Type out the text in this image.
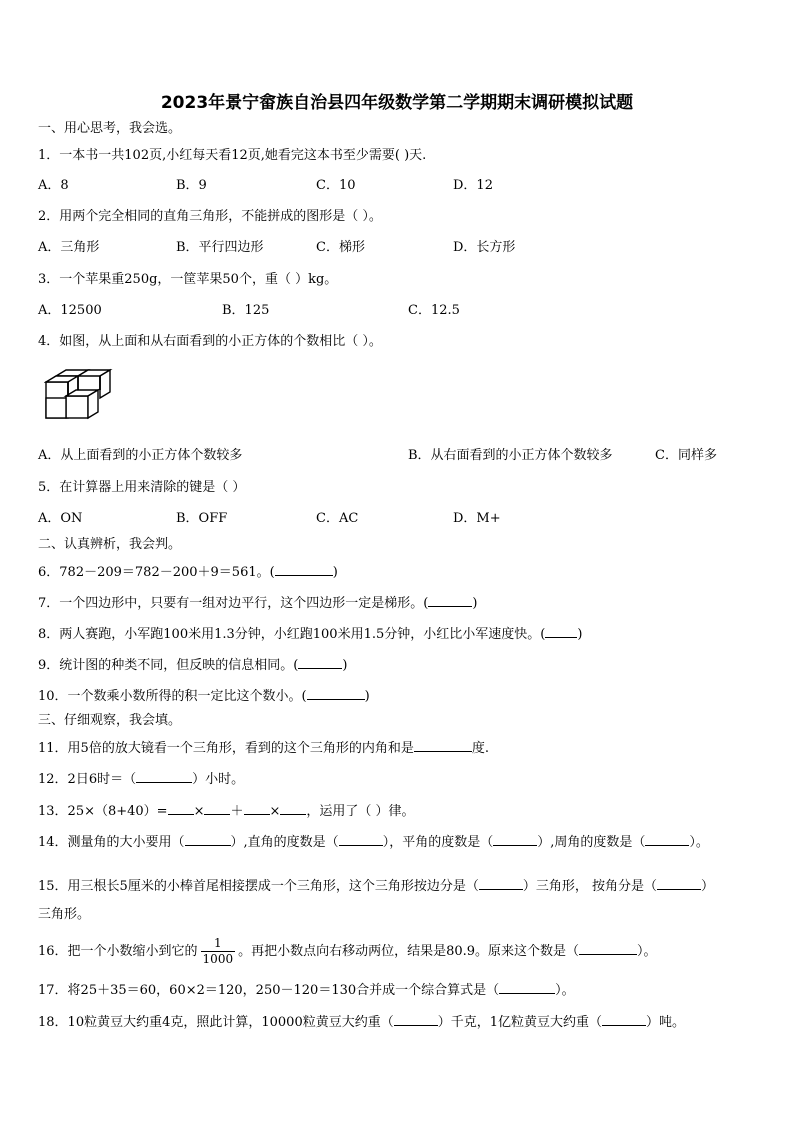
2023年景宁畲族自治县四年级数学第二学期期末调研模拟试题
一、用心思考，我会选。
1．一本书一共102页,小红每天看12页,她看完这本书至少需要( )天.
A．8	B．9	C．10	D．12
2．用两个完全相同的直角三角形，不能拼成的图形是（ ）。
A．三角形	B．平行四边形	C．梯形	D．长方形
3．一个苹果重250g，一筐苹果50个，重（ ）kg。
A．12500	B．125	C．12.5
4．如图，从上面和从右面看到的小正方体的个数相比（ ）。
A．从上面看到的小正方体个数较多	B．从右面看到的小正方体个数较多	C．同样多
5．在计算器上用来清除的键是（ ）
A．ON	B．OFF	C．AC	D．M+
二、认真辨析，我会判。
6．782－209＝782－200＋9＝561。(	)
7．一个四边形中，只要有一组对边平行，这个四边形一定是梯形。(	)
8．两人赛跑，小军跑100米用1.3分钟，小红跑100米用1.5分钟，小红比小军速度快。( )
9．统计图的种类不同，但反映的信息相同。(	)
10．一个数乘小数所得的积一定比这个数小。(	)
三、仔细观察，我会填。
11．用5倍的放大镜看一个三角形，看到的这个三角形的内角和是	度.
12．2日6时＝（	）小时。
13．25×（8+40）= × ＋ × ，运用了（ ）律。
14．测量角的大小要用（	）,直角的度数是（	），平角的度数是（	）,周角的度数是（	）。
15．用三根长5厘米的小棒首尾相接摆成一个三角形，这个三角形按边分是（	）三角形， 按角分是（	）
三角形。
16．把一个小数缩小到它的 $\frac{1}{1000}$ 。再把小数点向右移动两位，结果是80.9。原来这个数是（	）。
17．将25＋35＝60，60×2＝120，250－120＝130合并成一个综合算式是（	）。
18．10粒黄豆大约重4克，照此计算，10000粒黄豆大约重（	）千克，1亿粒黄豆大约重（	）吨。
